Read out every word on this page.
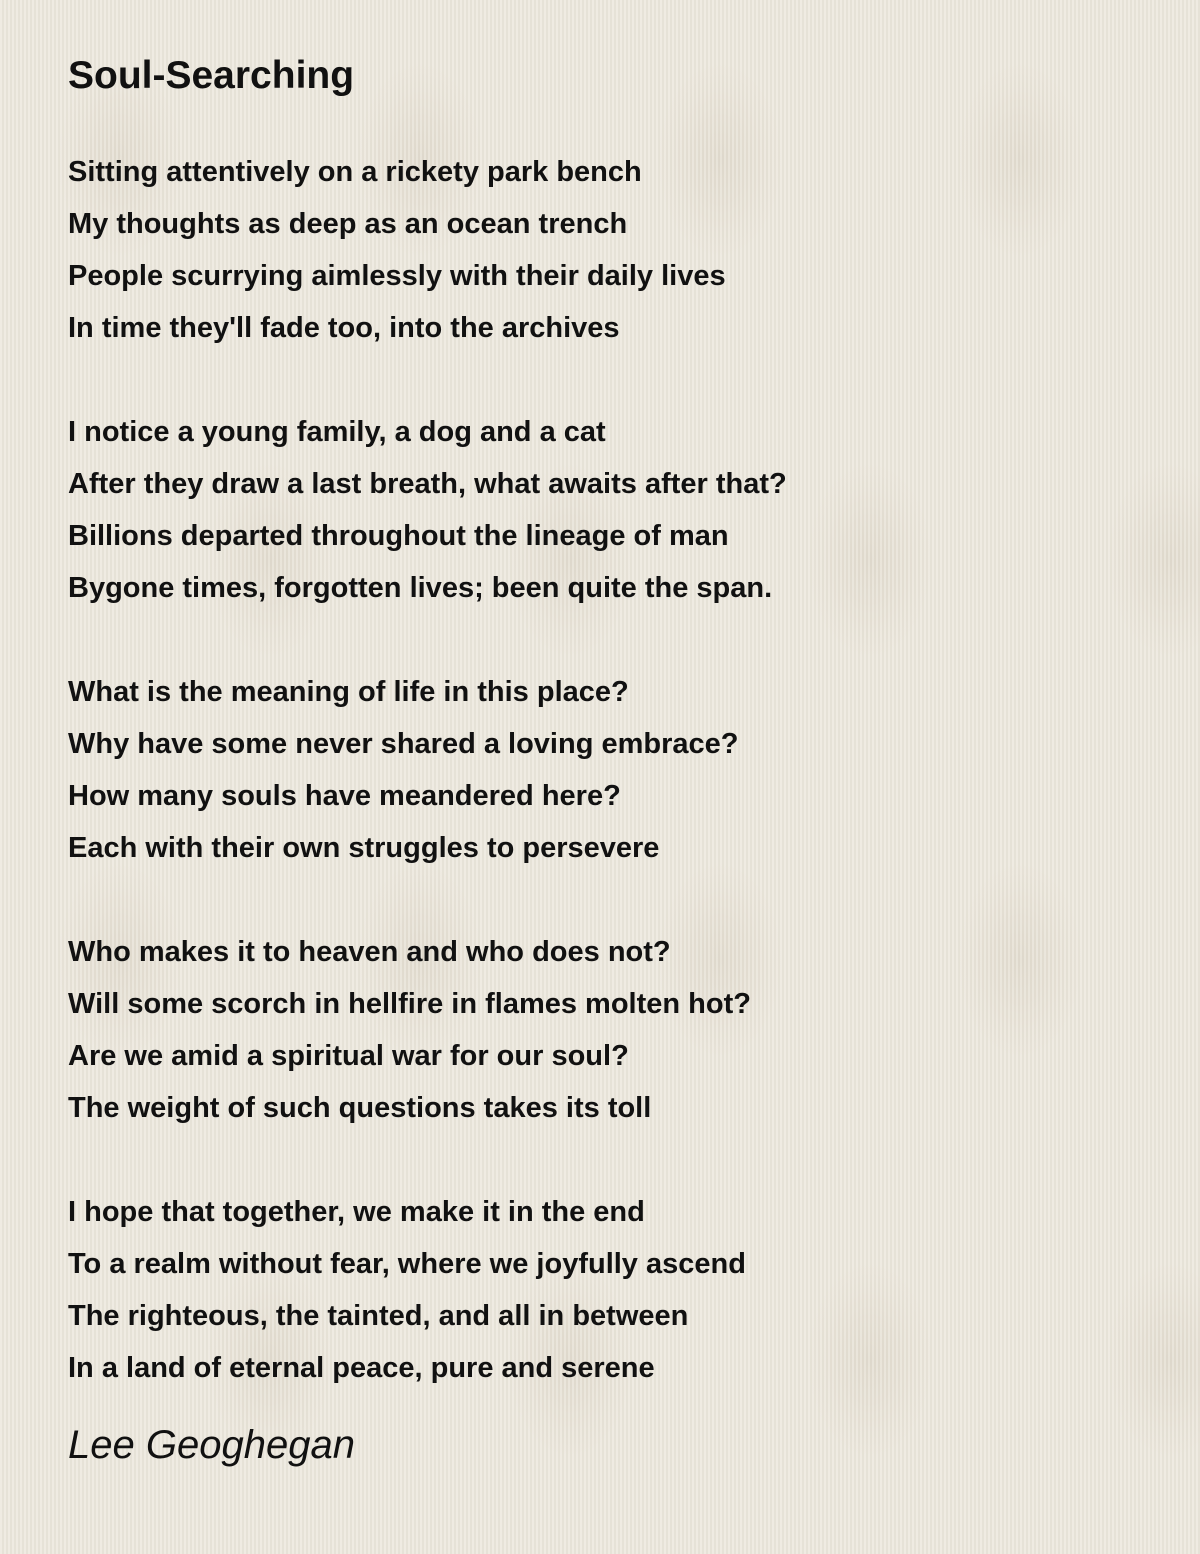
Soul-Searching
Sitting attentively on a rickety park bench
My thoughts as deep as an ocean trench
People scurrying aimlessly with their daily lives
In time they'll fade too, into the archives
I notice a young family, a dog and a cat
After they draw a last breath, what awaits after that?
Billions departed throughout the lineage of man
Bygone times, forgotten lives; been quite the span.
What is the meaning of life in this place?
Why have some never shared a loving embrace?
How many souls have meandered here?
Each with their own struggles to persevere
Who makes it to heaven and who does not?
Will some scorch in hellfire in flames molten hot?
Are we amid a spiritual war for our soul?
The weight of such questions takes its toll
I hope that together, we make it in the end
To a realm without fear, where we joyfully ascend
The righteous, the tainted, and all in between
In a land of eternal peace, pure and serene
Lee Geoghegan
